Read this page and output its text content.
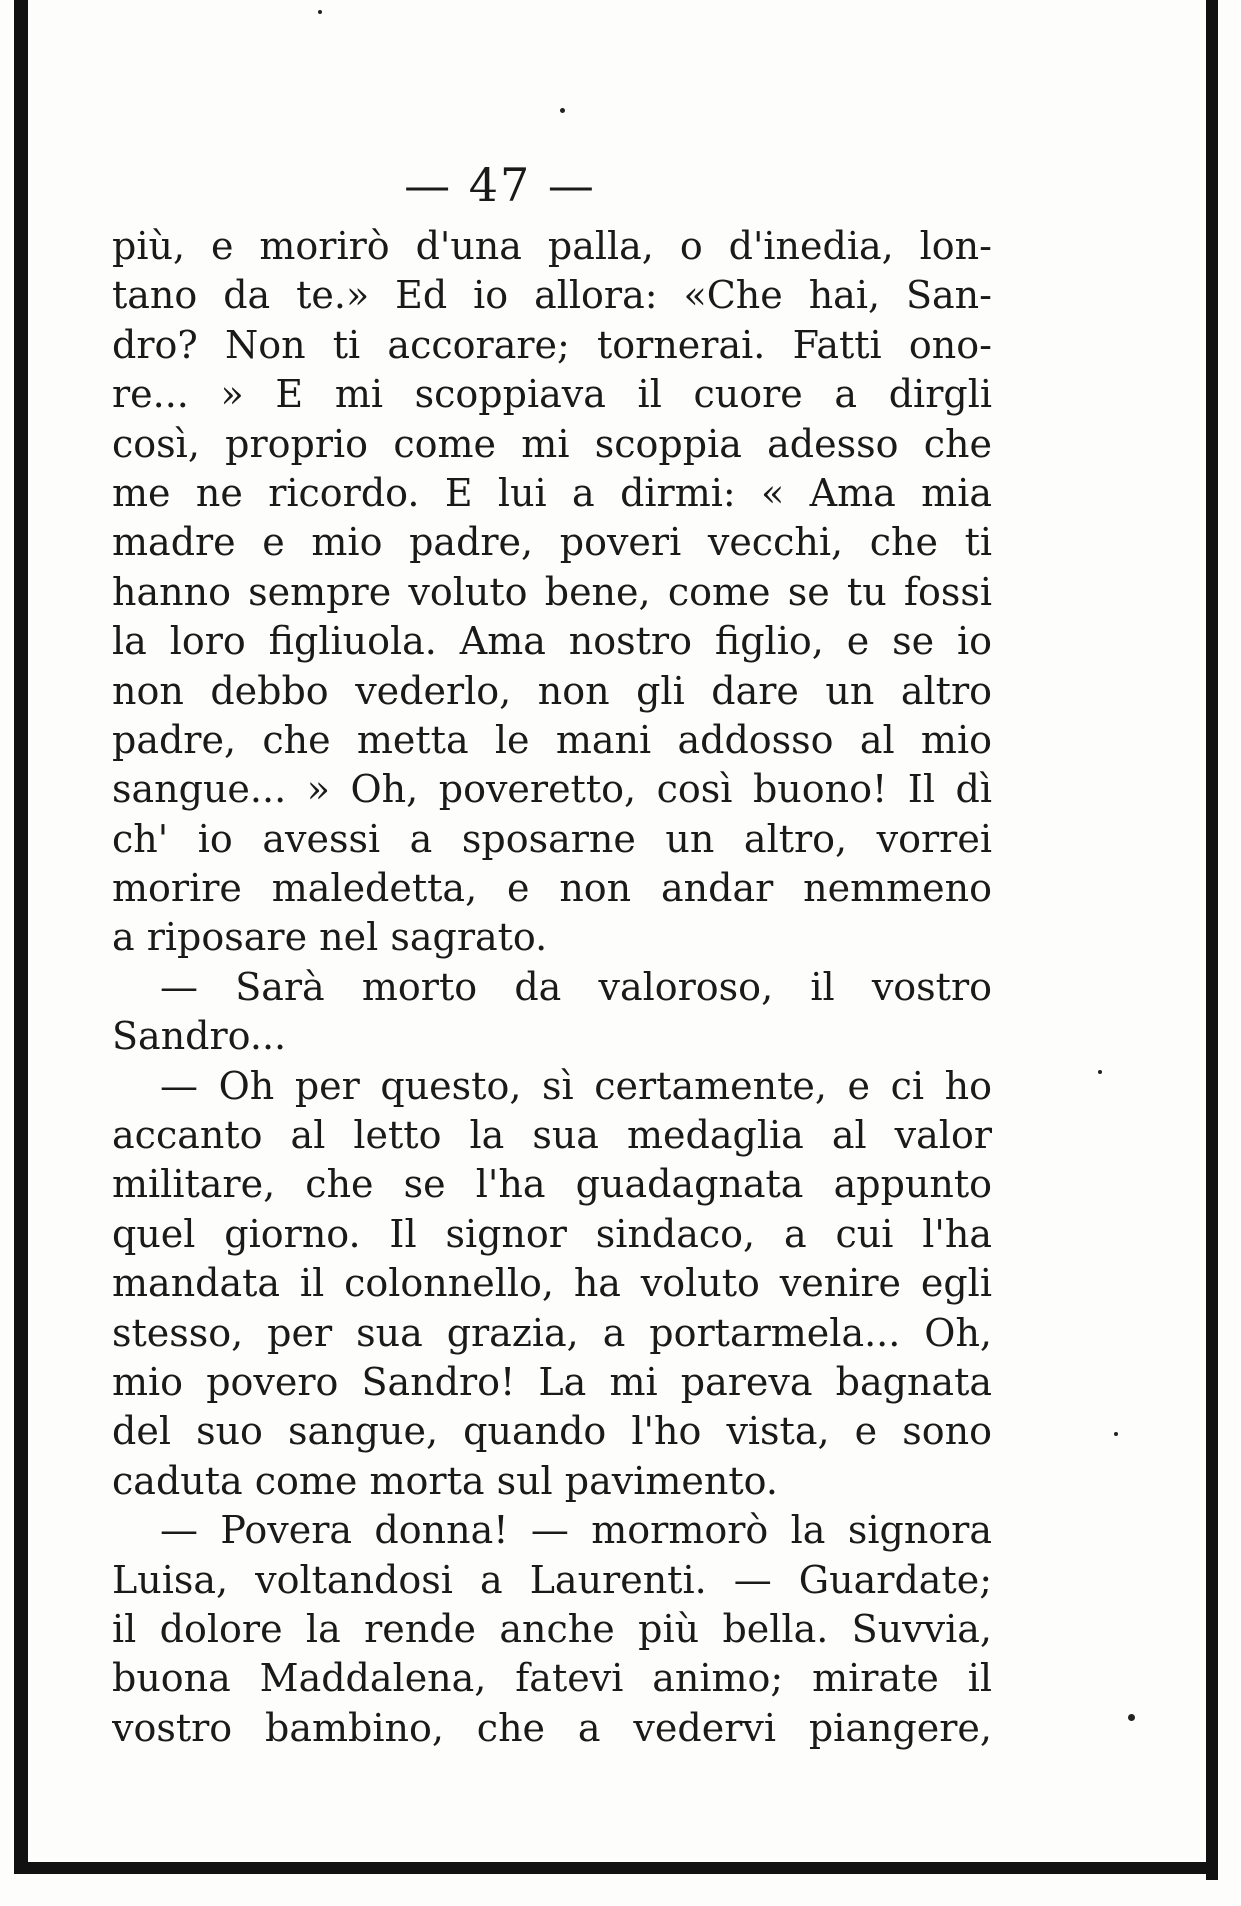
— 47 —

più, e morirò d'una palla, o d'inedia, lon-
tano da te.» Ed io allora: «Che hai, San-
dro? Non ti accorare; tornerai. Fatti ono-
re... » E mi scoppiava il cuore a dirgli
così, proprio come mi scoppia adesso che
me ne ricordo. E lui a dirmi: « Ama mia
madre e mio padre, poveri vecchi, che ti
hanno sempre voluto bene, come se tu fossi
la loro figliuola. Ama nostro figlio, e se io
non debbo vederlo, non gli dare un altro
padre, che metta le mani addosso al mio
sangue... » Oh, poveretto, così buono! Il dì
ch' io avessi a sposarne un altro, vorrei
morire maledetta, e non andar nemmeno
a riposare nel sagrato.
— Sarà morto da valoroso, il vostro
Sandro...
— Oh per questo, sì certamente, e ci ho
accanto al letto la sua medaglia al valor
militare, che se l'ha guadagnata appunto
quel giorno. Il signor sindaco, a cui l'ha
mandata il colonnello, ha voluto venire egli
stesso, per sua grazia, a portarmela... Oh,
mio povero Sandro! La mi pareva bagnata
del suo sangue, quando l'ho vista, e sono
caduta come morta sul pavimento.
— Povera donna! — mormorò la signora
Luisa, voltandosi a Laurenti. — Guardate;
il dolore la rende anche più bella. Suvvia,
buona Maddalena, fatevi animo; mirate il
vostro bambino, che a vedervi piangere,
